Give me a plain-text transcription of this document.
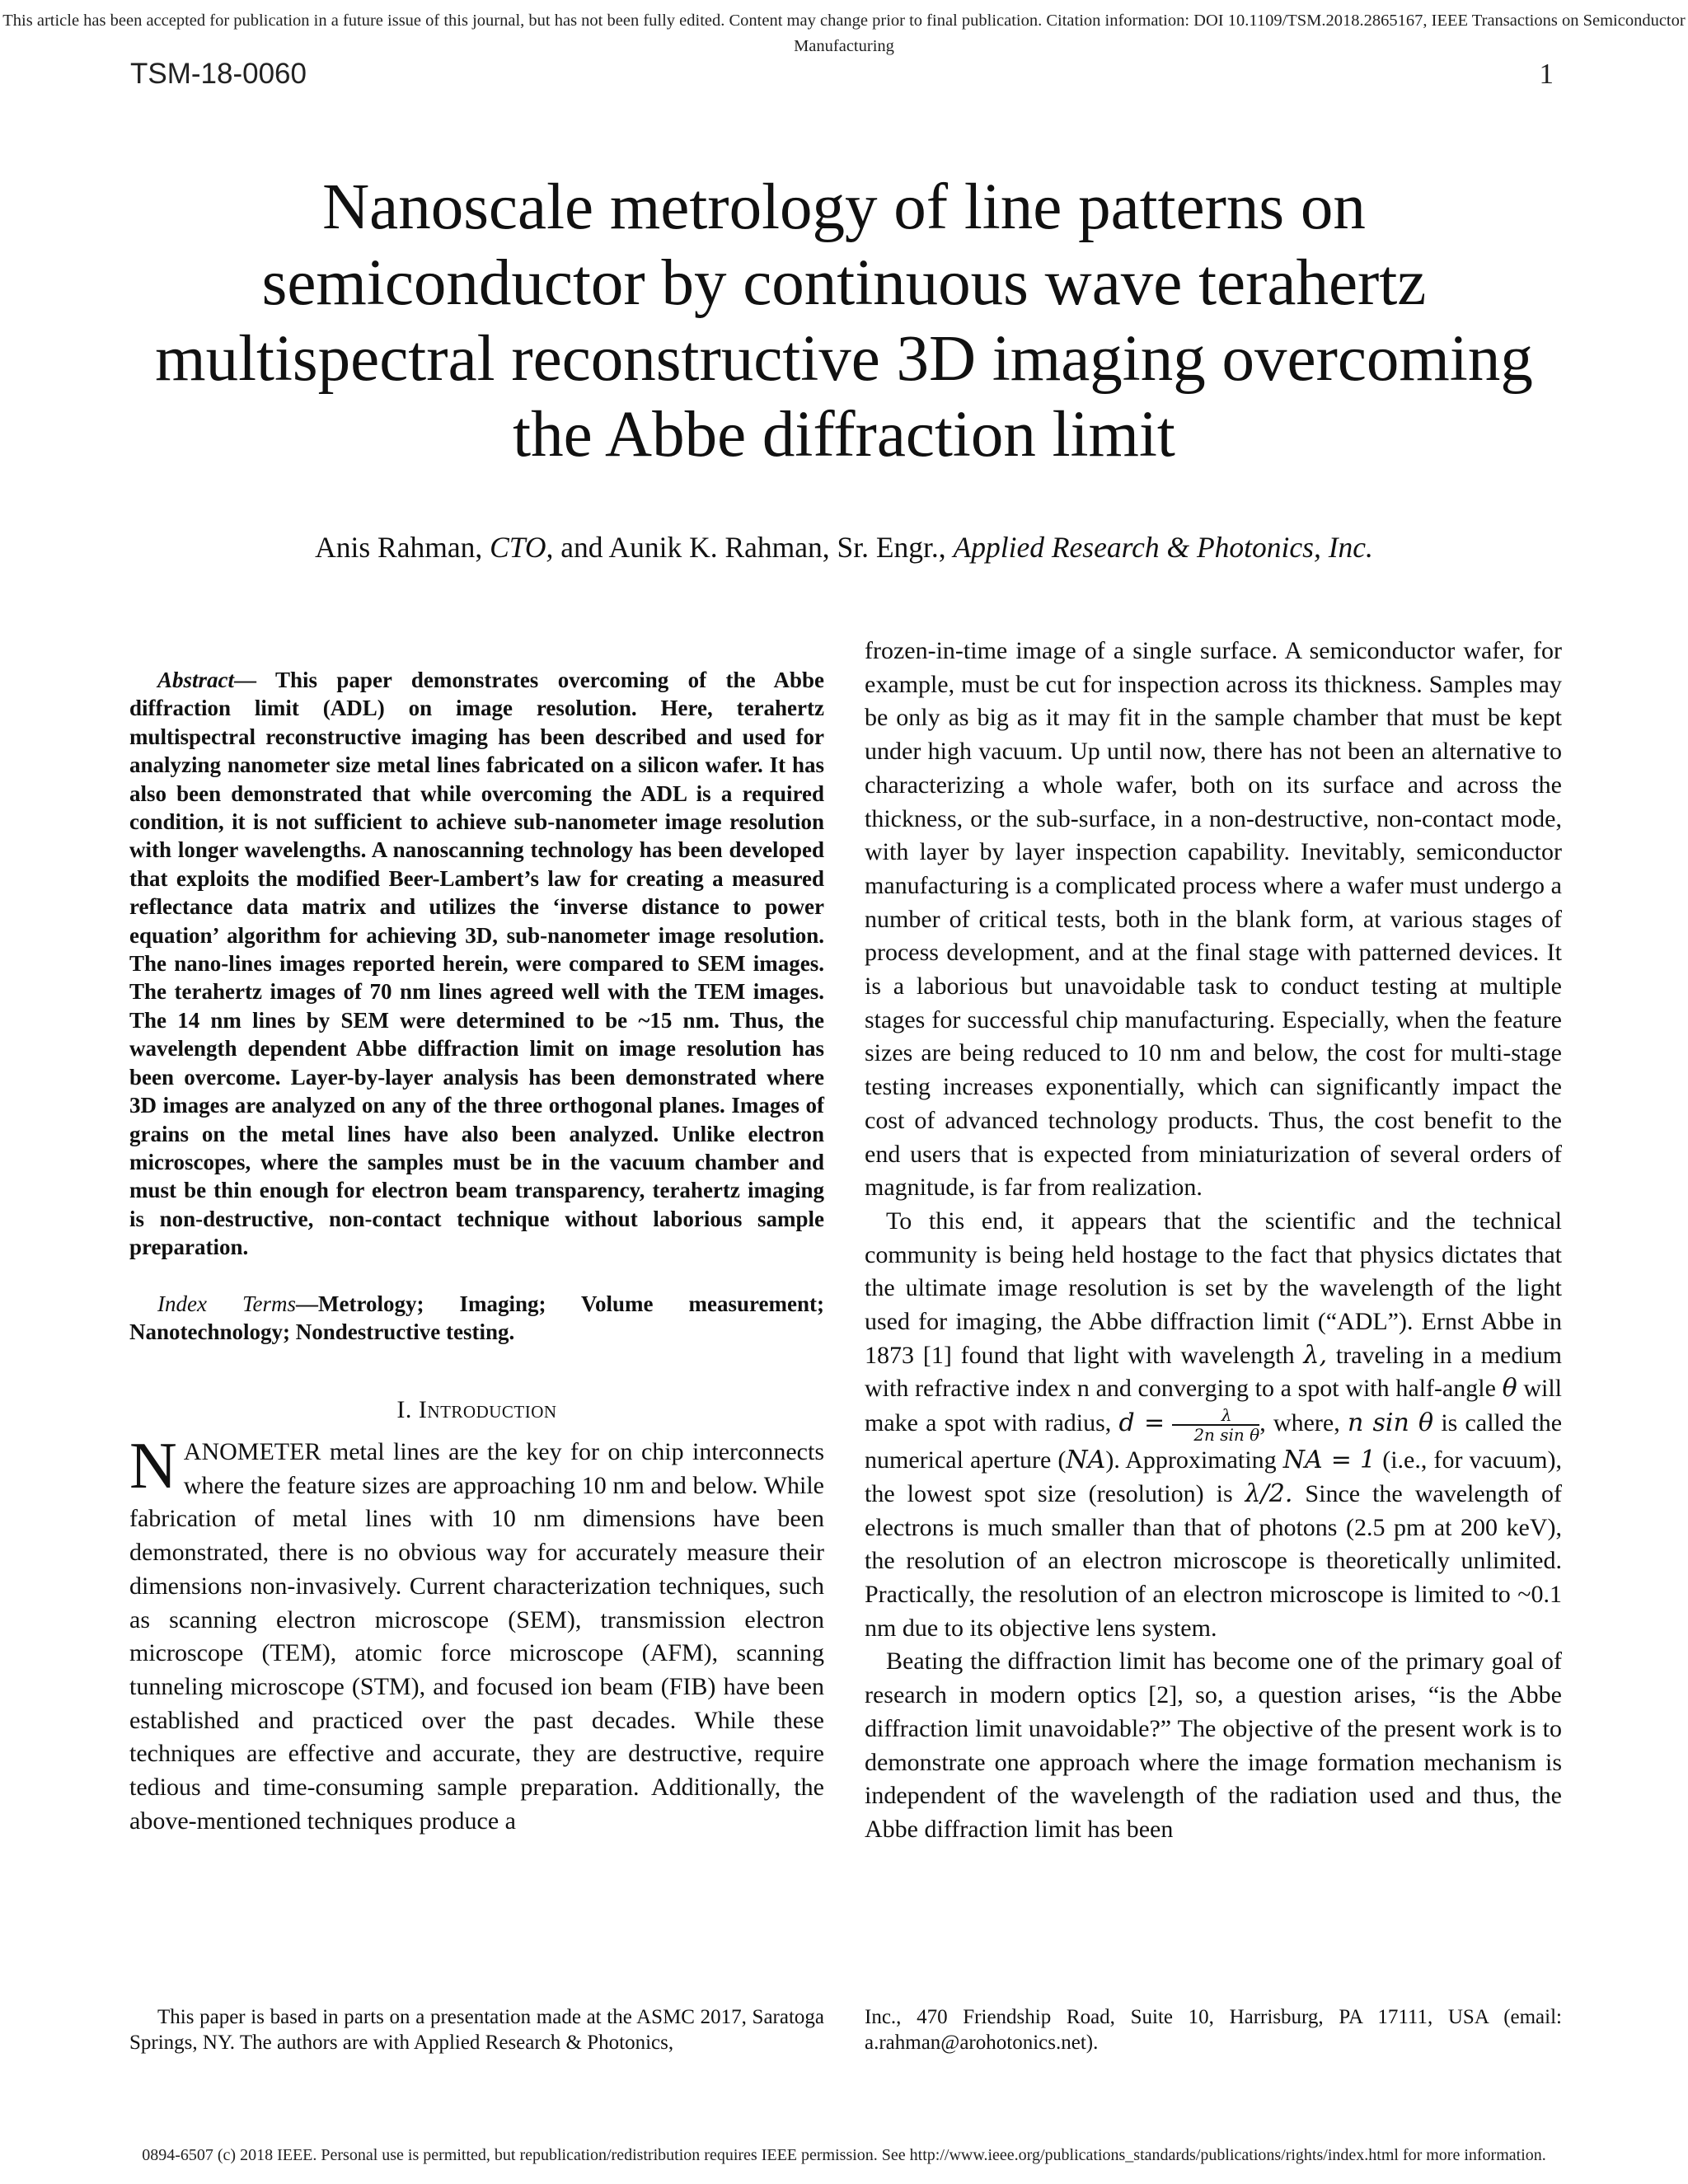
This article has been accepted for publication in a future issue of this journal, but has not been fully edited. Content may change prior to final publication. Citation information: DOI 10.1109/TSM.2018.2865167, IEEE Transactions on Semiconductor Manufacturing
TSM-18-0060	1
Nanoscale metrology of line patterns on semiconductor by continuous wave terahertz multispectral reconstructive 3D imaging overcoming the Abbe diffraction limit
Anis Rahman, CTO, and Aunik K. Rahman, Sr. Engr., Applied Research & Photonics, Inc.

Abstract— This paper demonstrates overcoming of the Abbe diffraction limit (ADL) on image resolution. Here, terahertz multispectral reconstructive imaging has been described and used for analyzing nanometer size metal lines fabricated on a silicon wafer. It has also been demonstrated that while overcoming the ADL is a required condition, it is not sufficient to achieve sub-nanometer image resolution with longer wavelengths. A nanoscanning technology has been developed that exploits the modified Beer-Lambert’s law for creating a measured reflectance data matrix and utilizes the ‘inverse distance to power equation’ algorithm for achieving 3D, sub-nanometer image resolution. The nano-lines images reported herein, were compared to SEM images. The terahertz images of 70 nm lines agreed well with the TEM images. The 14 nm lines by SEM were determined to be ~15 nm. Thus, the wavelength dependent Abbe diffraction limit on image resolution has been overcome. Layer-by-layer analysis has been demonstrated where 3D images are analyzed on any of the three orthogonal planes. Images of grains on the metal lines have also been analyzed. Unlike electron microscopes, where the samples must be in the vacuum chamber and must be thin enough for electron beam transparency, terahertz imaging is non-destructive, non-contact technique without laborious sample preparation.

Index Terms—Metrology; Imaging; Volume measurement; Nanotechnology; Nondestructive testing.

I. Introduction

NANOMETER metal lines are the key for on chip interconnects where the feature sizes are approaching 10 nm and below. While fabrication of metal lines with 10 nm dimensions have been demonstrated, there is no obvious way for accurately measure their dimensions non-invasively. Current characterization techniques, such as scanning electron microscope (SEM), transmission electron microscope (TEM), atomic force microscope (AFM), scanning tunneling microscope (STM), and focused ion beam (FIB) have been established and practiced over the past decades. While these techniques are effective and accurate, they are destructive, require tedious and time-consuming sample preparation. Additionally, the above-mentioned techniques produce a

frozen-in-time image of a single surface. A semiconductor wafer, for example, must be cut for inspection across its thickness. Samples may be only as big as it may fit in the sample chamber that must be kept under high vacuum. Up until now, there has not been an alternative to characterizing a whole wafer, both on its surface and across the thickness, or the sub-surface, in a non-destructive, non-contact mode, with layer by layer inspection capability. Inevitably, semiconductor manufacturing is a complicated process where a wafer must undergo a number of critical tests, both in the blank form, at various stages of process development, and at the final stage with patterned devices. It is a laborious but unavoidable task to conduct testing at multiple stages for successful chip manufacturing. Especially, when the feature sizes are being reduced to 10 nm and below, the cost for multi-stage testing increases exponentially, which can significantly impact the cost of advanced technology products. Thus, the cost benefit to the end users that is expected from miniaturization of several orders of magnitude, is far from realization.

To this end, it appears that the scientific and the technical community is being held hostage to the fact that physics dictates that the ultimate image resolution is set by the wavelength of the light used for imaging, the Abbe diffraction limit (“ADL”). Ernst Abbe in 1873 [1] found that light with wavelength λ, traveling in a medium with refractive index n and converging to a spot with half-angle θ will make a spot with radius, $d = \frac{\lambda}{\text{2n sin θ}}$ , where, n sin θ is called the numerical aperture (NA). Approximating NA = 1 (i.e., for vacuum), the lowest spot size (resolution) is λ/2. Since the wavelength of electrons is much smaller than that of photons (2.5 pm at 200 keV), the resolution of an electron microscope is theoretically unlimited. Practically, the resolution of an electron microscope is limited to ~0.1 nm due to its objective lens system.

Beating the diffraction limit has become one of the primary goal of research in modern optics [2], so, a question arises, “is the Abbe diffraction limit unavoidable?” The objective of the present work is to demonstrate one approach where the image formation mechanism is independent of the wavelength of the radiation used and thus, the Abbe diffraction limit has been

This paper is based in parts on a presentation made at the ASMC 2017, Saratoga Springs, NY. The authors are with Applied Research & Photonics,
Inc., 470 Friendship Road, Suite 10, Harrisburg, PA 17111, USA (email: a.rahman@arohotonics.net).
0894-6507 (c) 2018 IEEE. Personal use is permitted, but republication/redistribution requires IEEE permission. See http://www.ieee.org/publications_standards/publications/rights/index.html for more information.
